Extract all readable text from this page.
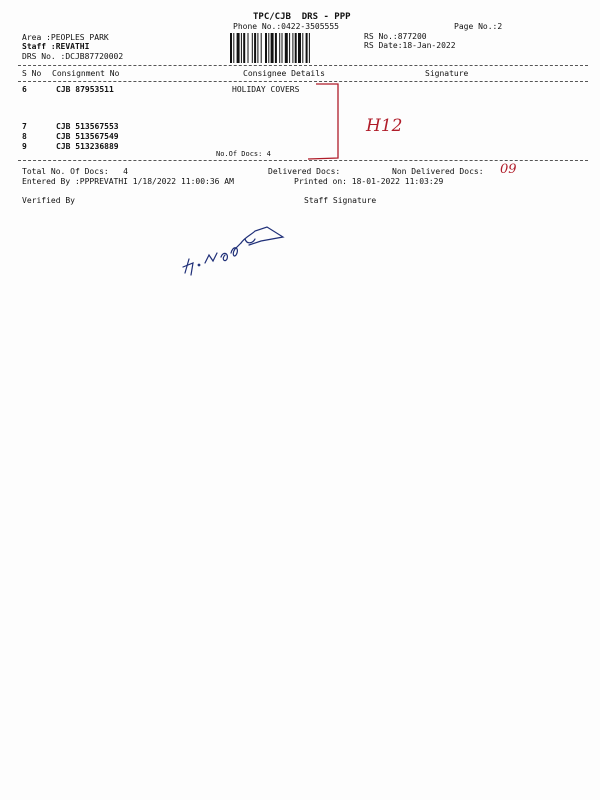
TPC/CJB  DRS - PPP
Phone No.:0422-3505555	Page No.:2
Area :PEOPLES PARK
Staff :REVATHI
DRS No. :DCJB87720002
RS No.:877200
RS Date:18-Jan-2022
S No Consignment No	Consignee Details	Signature
6	CJB 87953511	HOLIDAY COVERS
7	CJB 513567553
8	CJB 513567549
9	CJB 513236889
No.Of Docs: 4
H12
Total No. Of Docs:   4	Delivered Docs:	Non Delivered Docs: 09
Entered By :PPPREVATHI 1/18/2022 11:00:36 AM	Printed on: 18-01-2022 11:03:29
Verified By	Staff Signature
